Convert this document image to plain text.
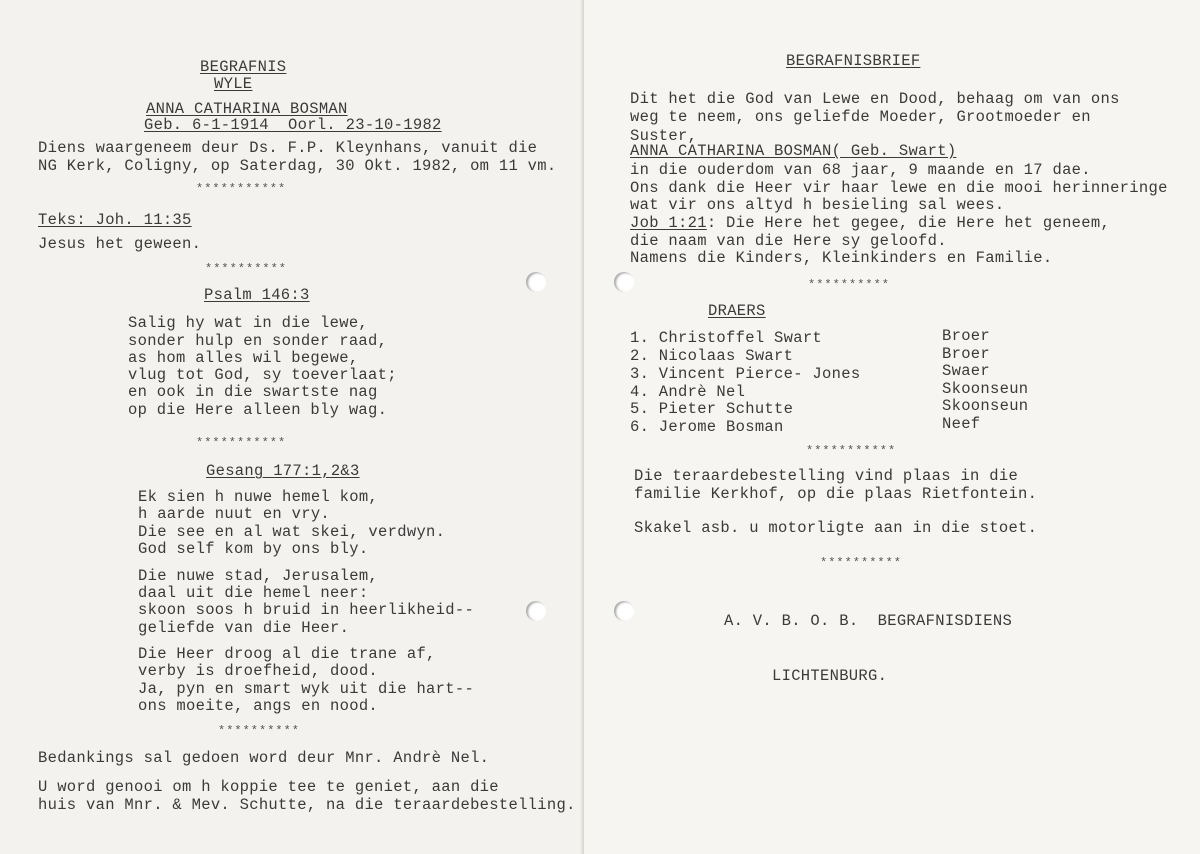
BEGRAFNIS
WYLE
ANNA CATHARINA BOSMAN
Geb. 6-1-1914  Oorl. 23-10-1982
Diens waargeneem deur Ds. F.P. Kleynhans, vanuit die
NG Kerk, Coligny, op Saterdag, 30 Okt. 1982, om 11 vm.
***********
Teks: Joh. 11:35
Jesus het geween.
**********
Psalm 146:3
Salig hy wat in die lewe,
sonder hulp en sonder raad,
as hom alles wil begewe,
vlug tot God, sy toeverlaat;
en ook in die swartste nag
op die Here alleen bly wag.
***********
Gesang 177:1,2&3
Ek sien h nuwe hemel kom,
h aarde nuut en vry.
Die see en al wat skei, verdwyn.
God self kom by ons bly.
Die nuwe stad, Jerusalem,
daal uit die hemel neer:
skoon soos h bruid in heerlikheid--
geliefde van die Heer.
Die Heer droog al die trane af,
verby is droefheid, dood.
Ja, pyn en smart wyk uit die hart--
ons moeite, angs en nood.
**********
Bedankings sal gedoen word deur Mnr. Andrè Nel.
U word genooi om h koppie tee te geniet, aan die
huis van Mnr. & Mev. Schutte, na die teraardebestelling.
BEGRAFNISBRIEF
Dit het die God van Lewe en Dood, behaag om van ons
weg te neem, ons geliefde Moeder, Grootmoeder en
Suster,
ANNA CATHARINA BOSMAN( Geb. Swart)
in die ouderdom van 68 jaar, 9 maande en 17 dae.
Ons dank die Heer vir haar lewe en die mooi herinneringe
wat vir ons altyd h besieling sal wees.
Job 1:21: Die Here het gegee, die Here het geneem,
die naam van die Here sy geloofd.
Namens die Kinders, Kleinkinders en Familie.
**********
DRAERS
1. Christoffel Swart	Broer
2. Nicolaas Swart	Broer
3. Vincent Pierce- Jones	Swaer
4. Andrè Nel	Skoonseun
5. Pieter Schutte	Skoonseun
6. Jerome Bosman	Neef
***********
Die teraardebestelling vind plaas in die
familie Kerkhof, op die plaas Rietfontein.
Skakel asb. u motorligte aan in die stoet.
**********
A. V. B. O. B.  BEGRAFNISDIENS
LICHTENBURG.
